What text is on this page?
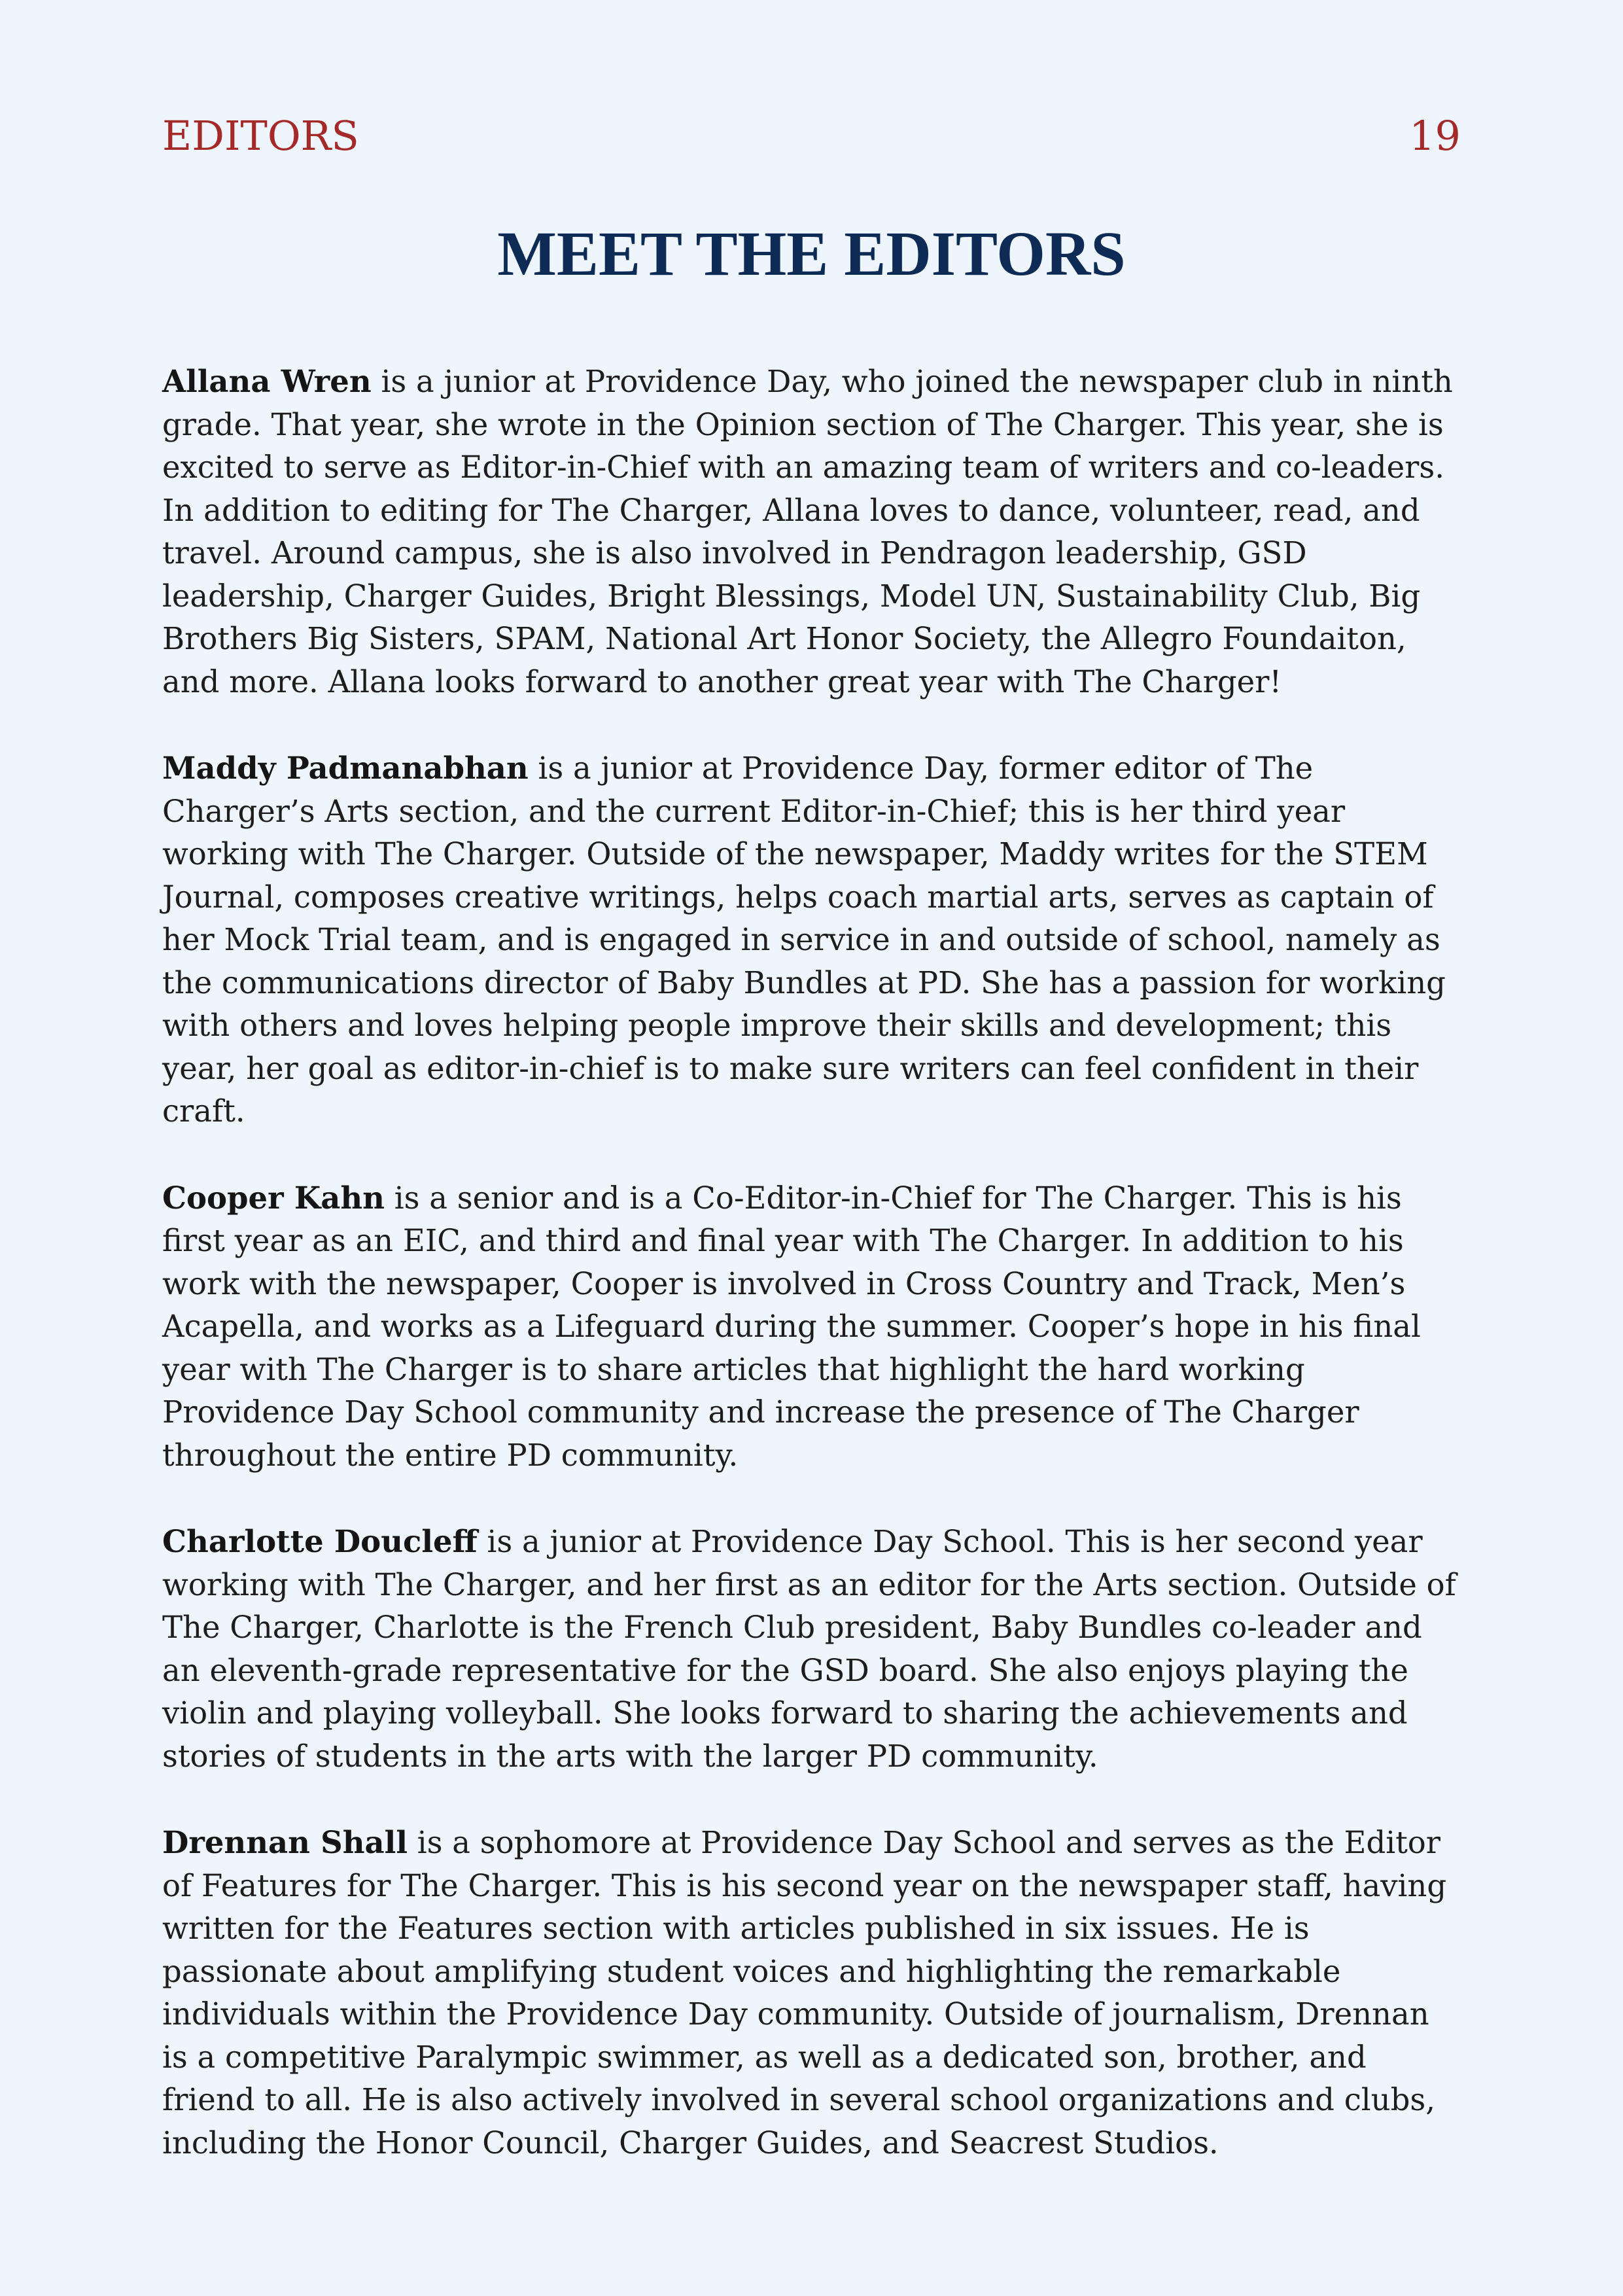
EDITORS	19
MEET THE EDITORS

Allana Wren is a junior at Providence Day, who joined the newspaper club in ninth grade. That year, she wrote in the Opinion section of The Charger. This year, she is excited to serve as Editor-in-Chief with an amazing team of writers and co-leaders. In addition to editing for The Charger, Allana loves to dance, volunteer, read, and travel. Around campus, she is also involved in Pendragon leadership, GSD leadership, Charger Guides, Bright Blessings, Model UN, Sustainability Club, Big Brothers Big Sisters, SPAM, National Art Honor Society, the Allegro Foundaiton, and more. Allana looks forward to another great year with The Charger!

Maddy Padmanabhan is a junior at Providence Day, former editor of The Charger’s Arts section, and the current Editor-in-Chief; this is her third year working with The Charger. Outside of the newspaper, Maddy writes for the STEM Journal, composes creative writings, helps coach martial arts, serves as captain of her Mock Trial team, and is engaged in service in and outside of school, namely as the communications director of Baby Bundles at PD. She has a passion for working with others and loves helping people improve their skills and development; this year, her goal as editor-in-chief is to make sure writers can feel confident in their craft.

Cooper Kahn is a senior and is a Co-Editor-in-Chief for The Charger. This is his first year as an EIC, and third and final year with The Charger. In addition to his work with the newspaper, Cooper is involved in Cross Country and Track, Men’s Acapella, and works as a Lifeguard during the summer. Cooper’s hope in his final year with The Charger is to share articles that highlight the hard working Providence Day School community and increase the presence of The Charger throughout the entire PD community.

Charlotte Doucleff is a junior at Providence Day School. This is her second year working with The Charger, and her first as an editor for the Arts section. Outside of The Charger, Charlotte is the French Club president, Baby Bundles co-leader and an eleventh-grade representative for the GSD board. She also enjoys playing the violin and playing volleyball. She looks forward to sharing the achievements and stories of students in the arts with the larger PD community.

Drennan Shall is a sophomore at Providence Day School and serves as the Editor of Features for The Charger. This is his second year on the newspaper staff, having written for the Features section with articles published in six issues. He is passionate about amplifying student voices and highlighting the remarkable individuals within the Providence Day community. Outside of journalism, Drennan is a competitive Paralympic swimmer, as well as a dedicated son, brother, and friend to all. He is also actively involved in several school organizations and clubs, including the Honor Council, Charger Guides, and Seacrest Studios.
